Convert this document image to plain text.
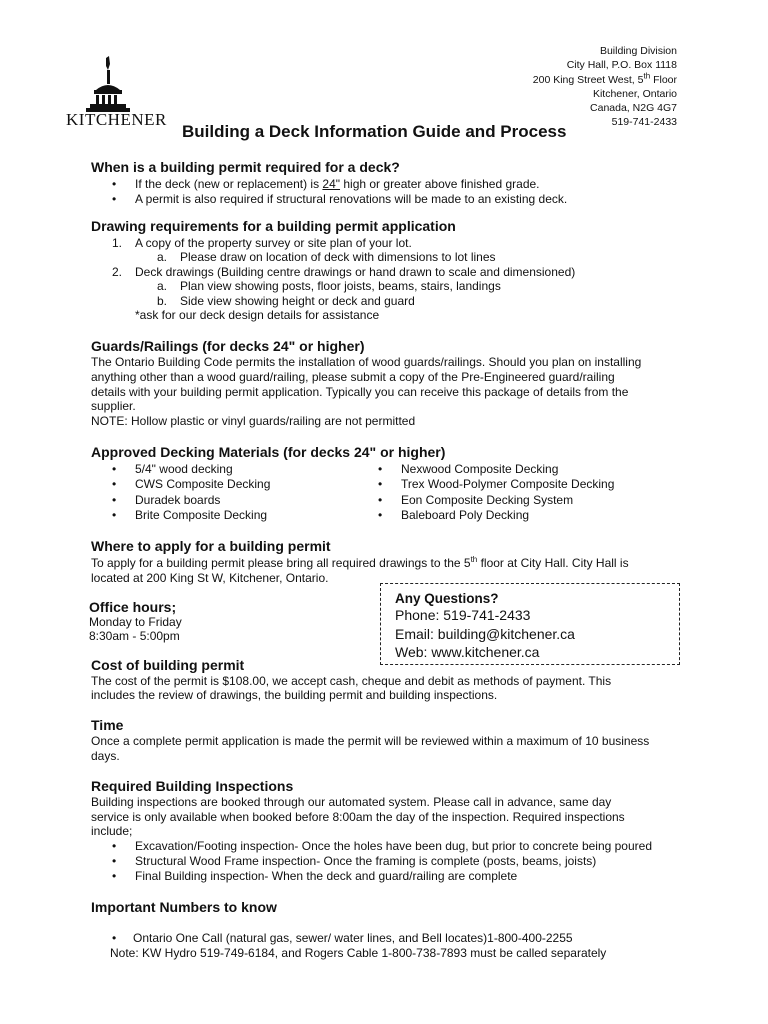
Building Division
City Hall, P.O. Box 1118
200 King Street West, 5th Floor
Kitchener, Ontario
Canada, N2G 4G7
519-741-2433
KITCHENER
Building a Deck Information Guide and Process
When is a building permit required for a deck?
• If the deck (new or replacement) is 24" high or greater above finished grade.
• A permit is also required if structural renovations will be made to an existing deck.
Drawing requirements for a building permit application
1. A copy of the property survey or site plan of your lot.
a. Please draw on location of deck with dimensions to lot lines
2. Deck drawings (Building centre drawings or hand drawn to scale and dimensioned)
a. Plan view showing posts, floor joists, beams, stairs, landings
b. Side view showing height or deck and guard
*ask for our deck design details for assistance
Guards/Railings (for decks 24" or higher)
The Ontario Building Code permits the installation of wood guards/railings. Should you plan on installing
anything other than a wood guard/railing, please submit a copy of the Pre-Engineered guard/railing
details with your building permit application. Typically you can receive this package of details from the
supplier.
NOTE: Hollow plastic or vinyl guards/railing are not permitted
Approved Decking Materials (for decks 24" or higher)
• 5/4" wood decking
• CWS Composite Decking
• Duradek boards
• Brite Composite Decking
• Nexwood Composite Decking
• Trex Wood-Polymer Composite Decking
• Eon Composite Decking System
• Baleboard Poly Decking
Where to apply for a building permit
To apply for a building permit please bring all required drawings to the 5th floor at City Hall. City Hall is
located at 200 King St W, Kitchener, Ontario.
Any Questions?
Phone: 519-741-2433
Email: building@kitchener.ca
Web: www.kitchener.ca
Office hours;
Monday to Friday
8:30am - 5:00pm
Cost of building permit
The cost of the permit is $108.00, we accept cash, cheque and debit as methods of payment. This
includes the review of drawings, the building permit and building inspections.
Time
Once a complete permit application is made the permit will be reviewed within a maximum of 10 business
days.
Required Building Inspections
Building inspections are booked through our automated system. Please call in advance, same day
service is only available when booked before 8:00am the day of the inspection. Required inspections
include;
• Excavation/Footing inspection- Once the holes have been dug, but prior to concrete being poured
• Structural Wood Frame inspection- Once the framing is complete (posts, beams, joists)
• Final Building inspection- When the deck and guard/railing are complete
Important Numbers to know
• Ontario One Call (natural gas, sewer/ water lines, and Bell locates)1-800-400-2255
Note: KW Hydro 519-749-6184, and Rogers Cable 1-800-738-7893 must be called separately
